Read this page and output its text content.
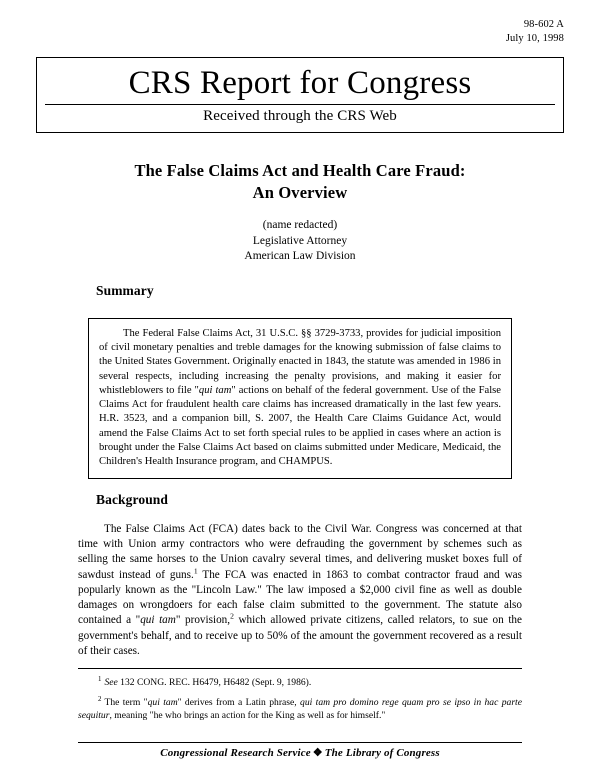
98-602 A
July 10, 1998
CRS Report for Congress
Received through the CRS Web
The False Claims Act and Health Care Fraud:
An Overview
(name redacted)
Legislative Attorney
American Law Division
Summary

The Federal False Claims Act, 31 U.S.C. §§ 3729-3733, provides for judicial imposition of civil monetary penalties and treble damages for the knowing submission of false claims to the United States Government. Originally enacted in 1843, the statute was amended in 1986 in several respects, including increasing the penalty provisions, and making it easier for whistleblowers to file "qui tam" actions on behalf of the federal government. Use of the False Claims Act for fraudulent health care claims has increased dramatically in the last few years. H.R. 3523, and a companion bill, S. 2007, the Health Care Claims Guidance Act, would amend the False Claims Act to set forth special rules to be applied in cases where an action is brought under the False Claims Act based on claims submitted under Medicare, Medicaid, the Children's Health Insurance program, and CHAMPUS.

Background

The False Claims Act (FCA) dates back to the Civil War. Congress was concerned at that time with Union army contractors who were defrauding the government by schemes such as selling the same horses to the Union cavalry several times, and delivering musket boxes full of sawdust instead of guns.$^1$ The FCA was enacted in 1863 to combat contractor fraud and was popularly known as the "Lincoln Law." The law imposed a $2,000 civil fine as well as double damages on wrongdoers for each false claim submitted to the government. The statute also contained a "qui tam" provision,$^2$ which allowed private citizens, called relators, to sue on the government's behalf, and to receive up to 50% of the amount the government recovered as a result of their cases.

$^1$ See 132 CONG. REC. H6479, H6482 (Sept. 9, 1986).

$^2$ The term "qui tam" derives from a Latin phrase, qui tam pro domino rege quam pro se ipso in hac parte sequitur, meaning "he who brings an action for the King as well as for himself."

Congressional Research Service ❖ The Library of Congress
